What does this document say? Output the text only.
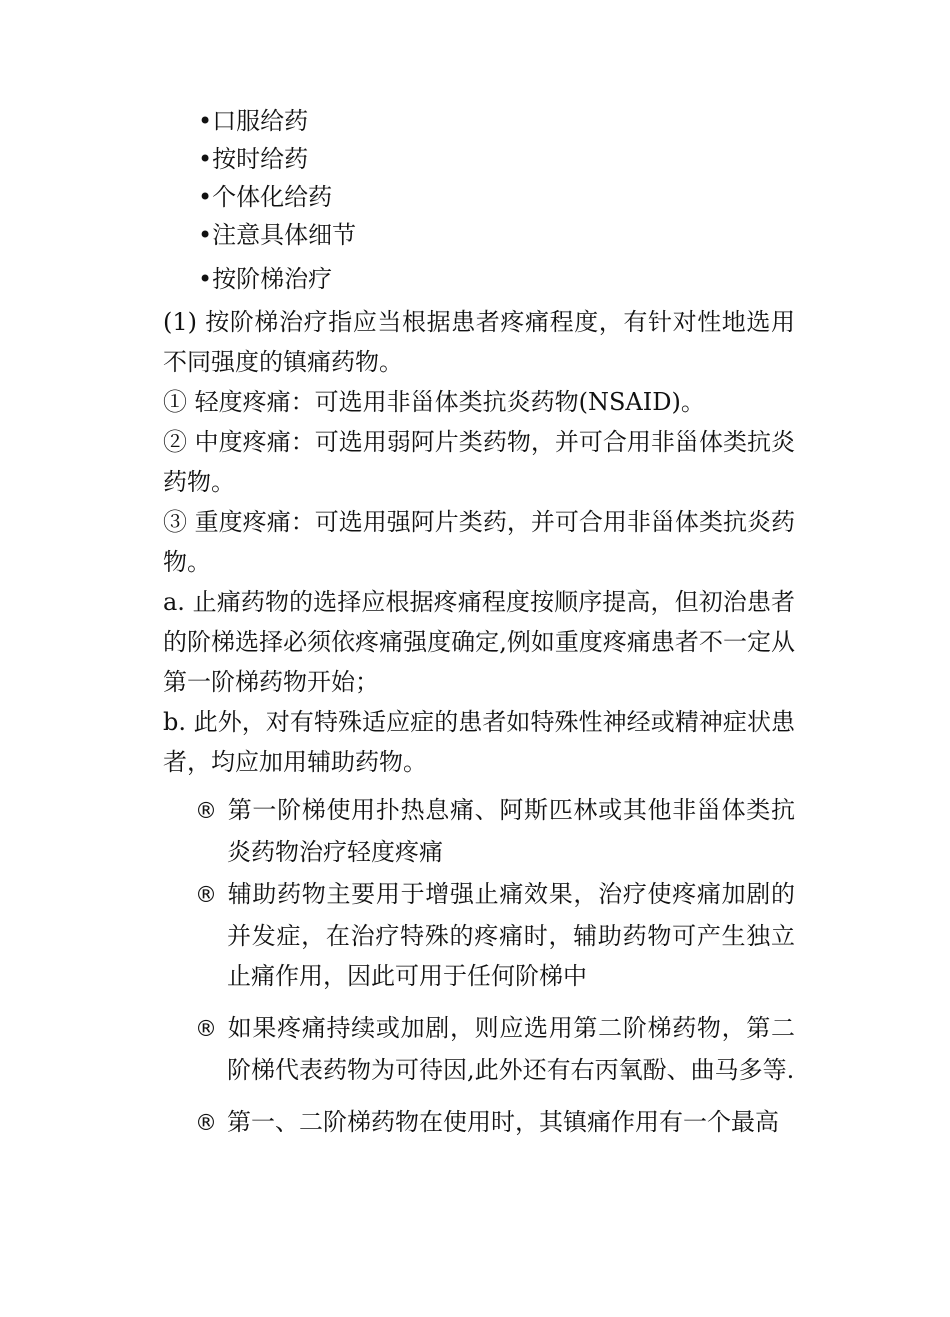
•口服给药
•按时给药
•个体化给药
•注意具体细节
•按阶梯治疗

(1) 按阶梯治疗指应当根据患者疼痛程度，有针对性地选用不同强度的镇痛药物。

① 轻度疼痛：可选用非甾体类抗炎药物(NSAID)。

② 中度疼痛：可选用弱阿片类药物，并可合用非甾体类抗炎药物。

③ 重度疼痛：可选用强阿片类药，并可合用非甾体类抗炎药物。

a. 止痛药物的选择应根据疼痛程度按顺序提高，但初治患者的阶梯选择必须依疼痛强度确定,例如重度疼痛患者不一定从第一阶梯药物开始；

b. 此外，对有特殊适应症的患者如特殊性神经或精神症状患者，均应加用辅助药物。

® 第一阶梯使用扑热息痛、阿斯匹林或其他非甾体类抗炎药物治疗轻度疼痛

® 辅助药物主要用于增强止痛效果，治疗使疼痛加剧的并发症，在治疗特殊的疼痛时，辅助药物可产生独立止痛作用，因此可用于任何阶梯中

® 如果疼痛持续或加剧，则应选用第二阶梯药物，第二阶梯代表药物为可待因,此外还有右丙氧酚、曲马多等.

® 第一、二阶梯药物在使用时，其镇痛作用有一个最高
